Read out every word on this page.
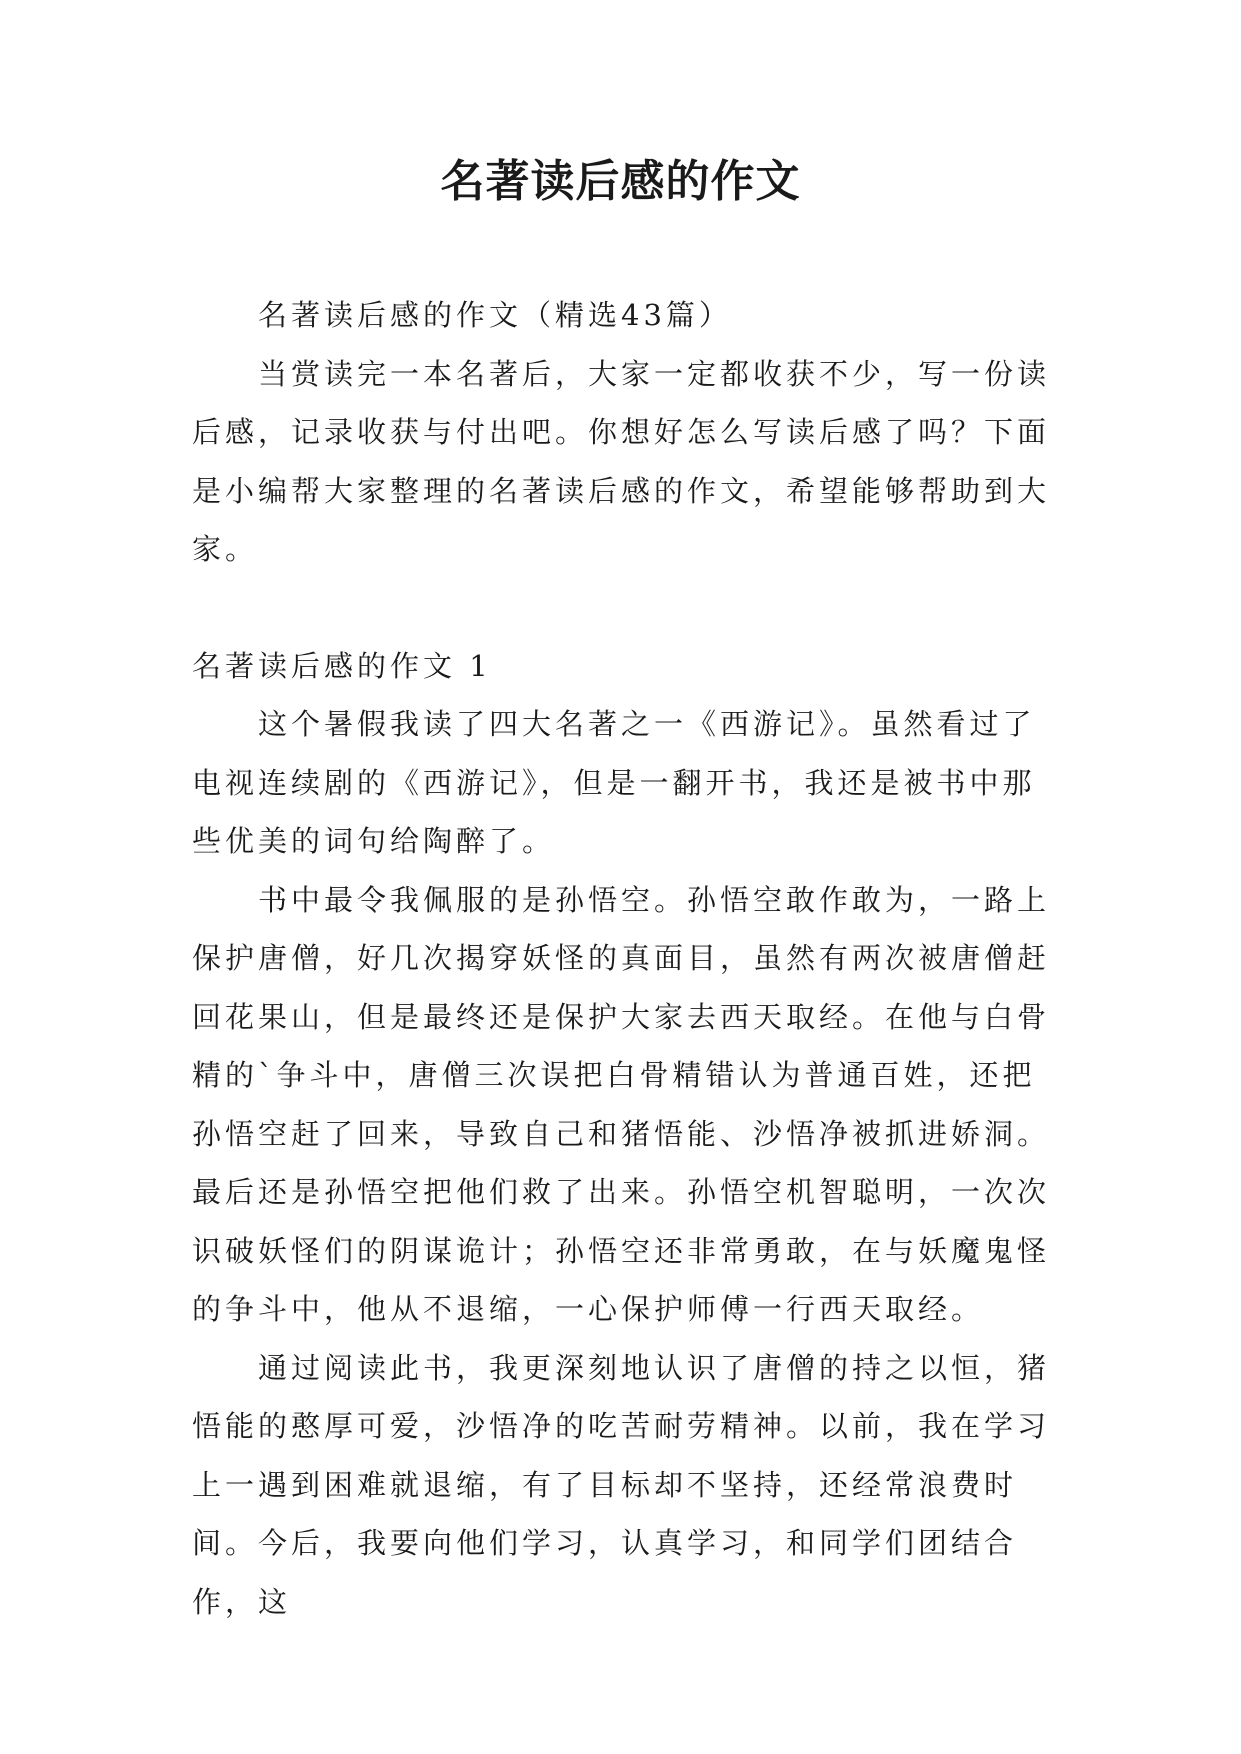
名著读后感的作文

名著读后感的作文（精选43篇）

当赏读完一本名著后，大家一定都收获不少，写一份读后感，记录收获与付出吧。你想好怎么写读后感了吗？下面是小编帮大家整理的名著读后感的作文，希望能够帮助到大家。

名著读后感的作文 1

这个暑假我读了四大名著之一《西游记》。虽然看过了电视连续剧的《西游记》，但是一翻开书，我还是被书中那些优美的词句给陶醉了。

书中最令我佩服的是孙悟空。孙悟空敢作敢为，一路上保护唐僧，好几次揭穿妖怪的真面目，虽然有两次被唐僧赶回花果山，但是最终还是保护大家去西天取经。在他与白骨精的`争斗中，唐僧三次误把白骨精错认为普通百姓，还把孙悟空赶了回来，导致自己和猪悟能、沙悟净被抓进娇洞。最后还是孙悟空把他们救了出来。孙悟空机智聪明，一次次识破妖怪们的阴谋诡计；孙悟空还非常勇敢，在与妖魔鬼怪的争斗中，他从不退缩，一心保护师傅一行西天取经。

通过阅读此书，我更深刻地认识了唐僧的持之以恒，猪悟能的憨厚可爱，沙悟净的吃苦耐劳精神。以前，我在学习上一遇到困难就退缩，有了目标却不坚持，还经常浪费时间。今后，我要向他们学习，认真学习，和同学们团结合作，这
